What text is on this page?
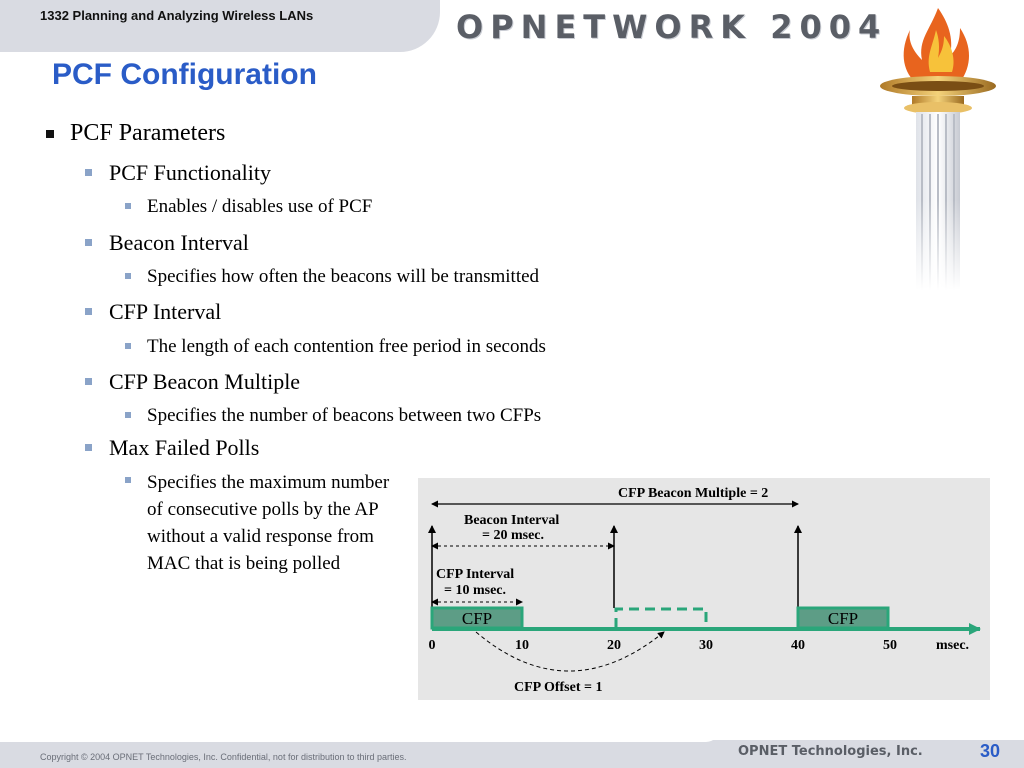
1332 Planning and Analyzing Wireless LANs	OPNETWORK 2004
PCF Configuration
PCF Parameters
PCF Functionality
Enables / disables use of PCF
Beacon Interval
Specifies how often the beacons will be transmitted
CFP Interval
The length of each contention free period in seconds
CFP Beacon Multiple
Specifies the number of beacons between two CFPs
Max Failed Polls
Specifies the maximum number of consecutive polls by the AP without a valid response from MAC that is being polled
CFP Beacon Multiple = 2
Beacon Interval
= 20 msec.
CFP Interval
= 10 msec.
CFP	CFP
0	10	20	30	40	50	msec.
CFP Offset = 1
Copyright © 2004 OPNET Technologies, Inc. Confidential, not for distribution to third parties.	OPNET Technologies, Inc.	30
